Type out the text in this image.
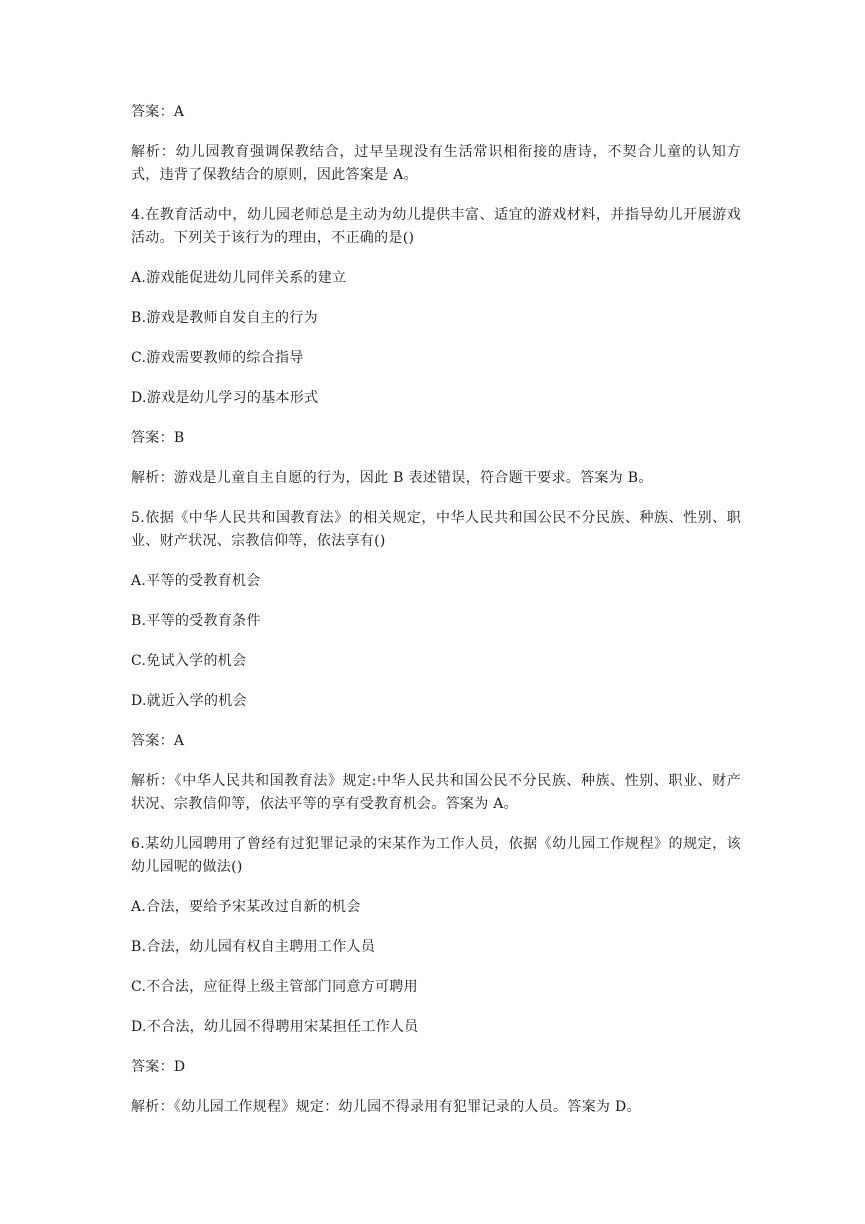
答案：A

解析：幼儿园教育强调保教结合，过早呈现没有生活常识相衔接的唐诗，不契合儿童的认知方式，违背了保教结合的原则，因此答案是 A。

4.在教育活动中，幼儿园老师总是主动为幼儿提供丰富、适宜的游戏材料，并指导幼儿开展游戏活动。下列关于该行为的理由，不正确的是()

A.游戏能促进幼儿同伴关系的建立

B.游戏是教师自发自主的行为

C.游戏需要教师的综合指导

D.游戏是幼儿学习的基本形式

答案：B

解析：游戏是儿童自主自愿的行为，因此 B 表述错误，符合题干要求。答案为 B。

5.依据《中华人民共和国教育法》的相关规定，中华人民共和国公民不分民族、种族、性别、职业、财产状况、宗教信仰等，依法享有()

A.平等的受教育机会

B.平等的受教育条件

C.免试入学的机会

D.就近入学的机会

答案：A

解析：《中华人民共和国教育法》规定:中华人民共和国公民不分民族、种族、性别、职业、财产状况、宗教信仰等，依法平等的享有受教育机会。答案为 A。

6.某幼儿园聘用了曾经有过犯罪记录的宋某作为工作人员，依据《幼儿园工作规程》的规定，该幼儿园呢的做法()

A.合法，要给予宋某改过自新的机会

B.合法，幼儿园有权自主聘用工作人员

C.不合法，应征得上级主管部门同意方可聘用

D.不合法，幼儿园不得聘用宋某担任工作人员

答案：D

解析：《幼儿园工作规程》规定：幼儿园不得录用有犯罪记录的人员。答案为 D。
